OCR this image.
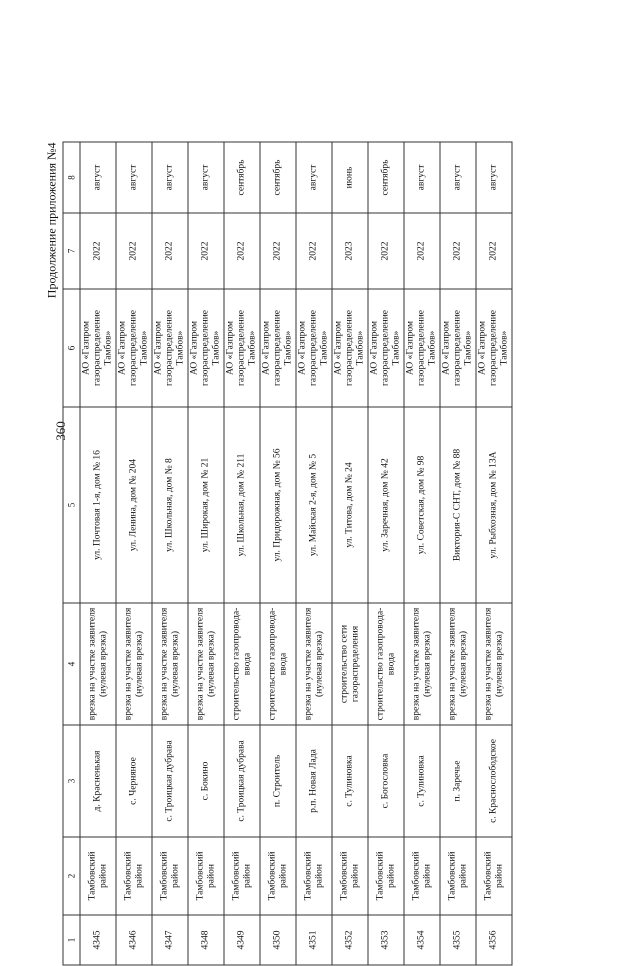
360
Продолжение приложения №4
1	2	3	4	5	6	7	8
4345	Тамбовский район	д. Красненькая	врезка на участке заявителя (нулевая врезка)	ул. Почтовая 1-я, дом № 16	АО «Газпром газораспределение Тамбов»	2022	август
4346	Тамбовский район	с. Черняное	врезка на участке заявителя (нулевая врезка)	ул. Ленина, дом № 204	АО «Газпром газораспределение Тамбов»	2022	август
4347	Тамбовский район	с. Троицкая дубрава	врезка на участке заявителя (нулевая врезка)	ул. Школьная, дом № 8	АО «Газпром газораспределение Тамбов»	2022	август
4348	Тамбовский район	с. Бокино	врезка на участке заявителя (нулевая врезка)	ул. Широкая, дом № 21	АО «Газпром газораспределение Тамбов»	2022	август
4349	Тамбовский район	с. Троицкая дубрава	строительство газопровода-ввода	ул. Школьная, дом № 211	АО «Газпром газораспределение Тамбов»	2022	сентябрь
4350	Тамбовский район	п. Строитель	строительство газопровода-ввода	ул. Придорожная, дом № 56	АО «Газпром газораспределение Тамбов»	2022	сентябрь
4351	Тамбовский район	р.п. Новая Лада	врезка на участке заявителя (нулевая врезка)	ул. Майская 2-я, дом № 5	АО «Газпром газораспределение Тамбов»	2022	август
4352	Тамбовский район	с. Тулиновка	строительство сети газораспределения	ул. Титова, дом № 24	АО «Газпром газораспределение Тамбов»	2023	июнь
4353	Тамбовский район	с. Богословка	строительство газопровода-ввода	ул. Заречная, дом № 42	АО «Газпром газораспределение Тамбов»	2022	сентябрь
4354	Тамбовский район	с. Тулиновка	врезка на участке заявителя (нулевая врезка)	ул. Советская, дом № 98	АО «Газпром газораспределение Тамбов»	2022	август
4355	Тамбовский район	п. Заречье	врезка на участке заявителя (нулевая врезка)	Виктория-С СНТ, дом № 88	АО «Газпром газораспределение Тамбов»	2022	август
4356	Тамбовский район	с. Краснослободское	врезка на участке заявителя (нулевая врезка)	ул. Рыбхозная, дом № 13А	АО «Газпром газораспределение Тамбов»	2022	август
